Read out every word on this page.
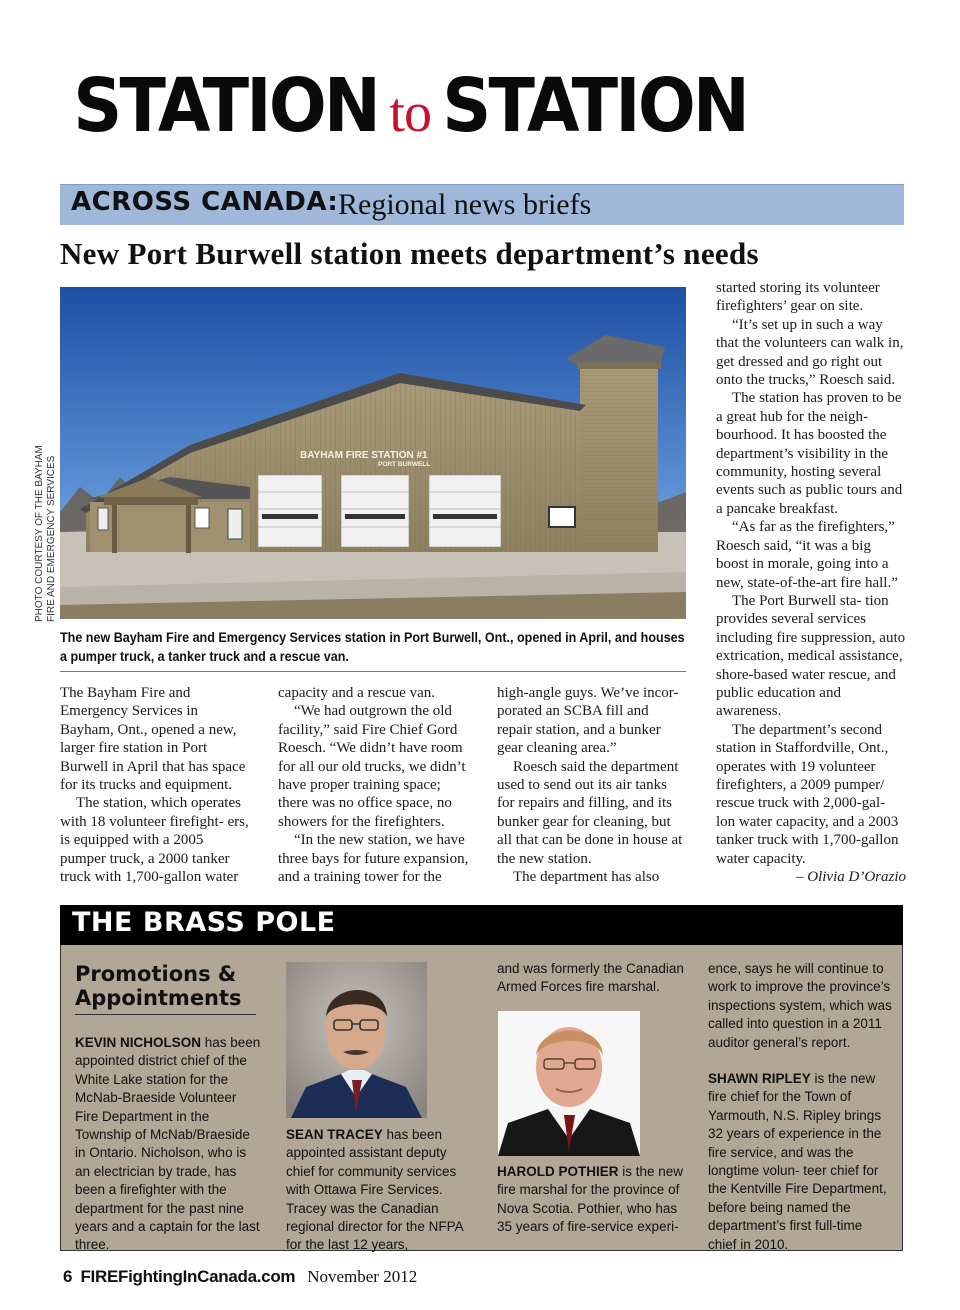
STATION to STATION
ACROSS CANADA: Regional news briefs
New Port Burwell station meets department’s needs
PHOTO COURTESY OF THE BAYHAM FIRE AND EMERGENCY SERVICES
BAYHAM FIRE STATION #1
PORT BURWELL
The new Bayham Fire and Emergency Services station in Port Burwell, Ont., opened in April, and houses a pumper truck, a tanker truck and a rescue van.

The Bayham Fire and Emergency Services in Bayham, Ont., opened a new, larger fire station in Port Burwell in April that has space for its trucks and equipment.

The station, which operates with 18 volunteer firefight- ers, is equipped with a 2005 pumper truck, a 2000 tanker truck with 1,700-gallon water

capacity and a rescue van.

“We had outgrown the old facility,” said Fire Chief Gord Roesch. “We didn’t have room for all our old trucks, we didn’t have proper training space; there was no office space, no showers for the firefighters.

“In the new station, we have three bays for future expansion, and a training tower for the

high-angle guys. We’ve incor- porated an SCBA fill and repair station, and a bunker gear cleaning area.”

Roesch said the department used to send out its air tanks for repairs and filling, and its bunker gear for cleaning, but all that can be done in house at the new station.

The department has also

started storing its volunteer firefighters’ gear on site.

“It’s set up in such a way that the volunteers can walk in, get dressed and go right out onto the trucks,” Roesch said.

The station has proven to be a great hub for the neigh- bourhood. It has boosted the department’s visibility in the community, hosting several events such as public tours and a pancake breakfast.

“As far as the firefighters,” Roesch said, “it was a big boost in morale, going into a new, state-of-the-art fire hall.”

The Port Burwell sta- tion provides several services including fire suppression, auto extrication, medical assistance, shore-based water rescue, and public education and awareness.

The department’s second station in Staffordville, Ont., operates with 19 volunteer firefighters, a 2009 pumper/ rescue truck with 2,000-gal- lon water capacity, and a 2003 tanker truck with 1,700-gallon water capacity.

– Olivia D’Orazio

THE BRASS POLE
Promotions &
Appointments

KEVIN NICHOLSON has been appointed district chief of the White Lake station for the McNab-Braeside Volunteer Fire Department in the Township of McNab/Braeside in Ontario. Nicholson, who is an electrician by trade, has been a firefighter with the department for the past nine years and a captain for the last three.

SEAN TRACEY has been appointed assistant deputy chief for community services with Ottawa Fire Services. Tracey was the Canadian regional director for the NFPA for the last 12 years,

and was formerly the Canadian Armed Forces fire marshal.

HAROLD POTHIER is the new fire marshal for the province of Nova Scotia. Pothier, who has 35 years of fire-service experi-

ence, says he will continue to work to improve the province’s inspections system, which was called into question in a 2011 auditor general’s report.

SHAWN RIPLEY is the new fire chief for the Town of Yarmouth, N.S. Ripley brings 32 years of experience in the fire service, and was the longtime volun- teer chief for the Kentville Fire Department, before being named the department’s first full-time chief in 2010.

6 FIREFightingInCanada.com November 2012
